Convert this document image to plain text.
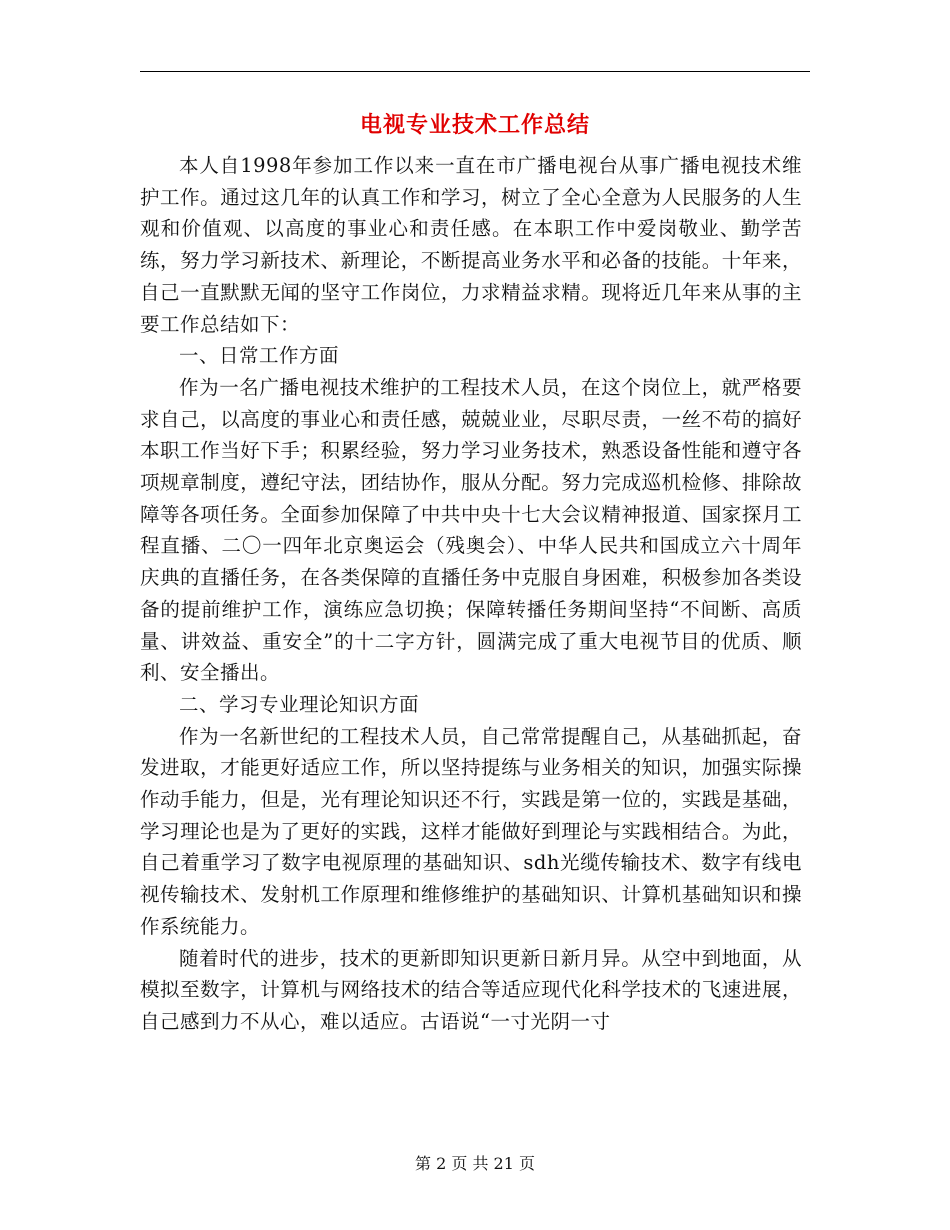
电视专业技术工作总结

本人自1998年参加工作以来一直在市广播电视台从事广播电视技术维护工作。通过这几年的认真工作和学习，树立了全心全意为人民服务的人生观和价值观、以高度的事业心和责任感。在本职工作中爱岗敬业、勤学苦练，努力学习新技术、新理论，不断提高业务水平和必备的技能。十年来，自己一直默默无闻的坚守工作岗位，力求精益求精。现将近几年来从事的主要工作总结如下：

一、日常工作方面

作为一名广播电视技术维护的工程技术人员，在这个岗位上，就严格要求自己，以高度的事业心和责任感，兢兢业业，尽职尽责，一丝不苟的搞好本职工作当好下手；积累经验，努力学习业务技术，熟悉设备性能和遵守各项规章制度，遵纪守法，团结协作，服从分配。努力完成巡机检修、排除故障等各项任务。全面参加保障了中共中央十七大会议精神报道、国家探月工程直播、二〇一四年北京奥运会（残奥会）、中华人民共和国成立六十周年庆典的直播任务，在各类保障的直播任务中克服自身困难，积极参加各类设备的提前维护工作，演练应急切换；保障转播任务期间坚持“不间断、高质量、讲效益、重安全”的十二字方针，圆满完成了重大电视节目的优质、顺利、安全播出。

二、学习专业理论知识方面

作为一名新世纪的工程技术人员，自己常常提醒自己，从基础抓起，奋发进取，才能更好适应工作，所以坚持提练与业务相关的知识，加强实际操作动手能力，但是，光有理论知识还不行，实践是第一位的，实践是基础，学习理论也是为了更好的实践，这样才能做好到理论与实践相结合。为此，自己着重学习了数字电视原理的基础知识、sdh光缆传输技术、数字有线电视传输技术、发射机工作原理和维修维护的基础知识、计算机基础知识和操作系统能力。

随着时代的进步，技术的更新即知识更新日新月异。从空中到地面，从模拟至数字，计算机与网络技术的结合等适应现代化科学技术的飞速进展，自己感到力不从心，难以适应。古语说“一寸光阴一寸

第 2 页 共 21 页
